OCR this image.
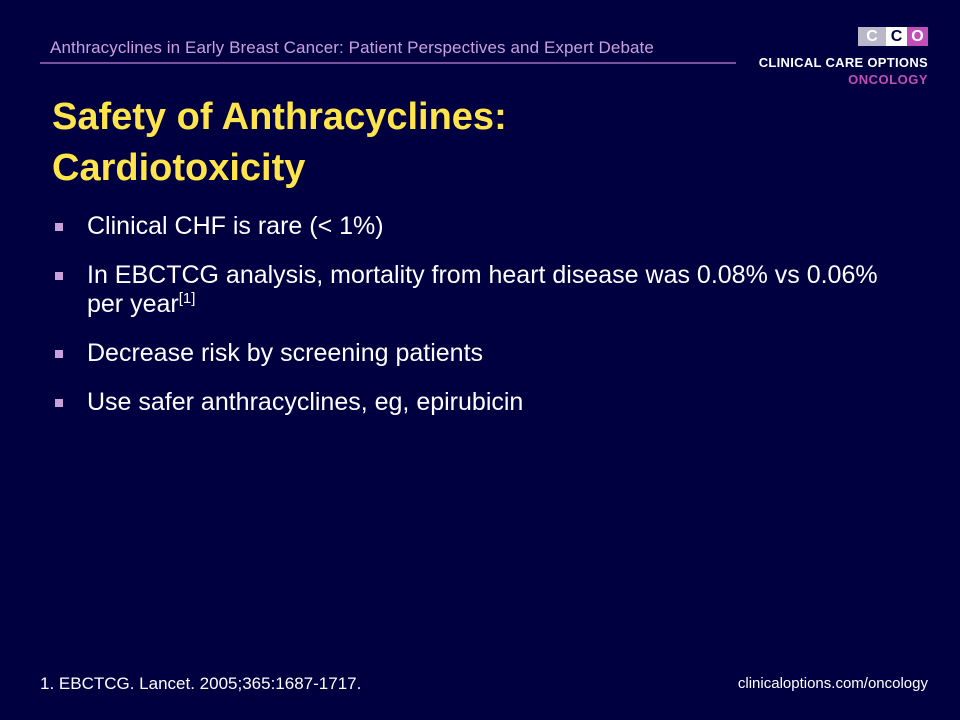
Anthracyclines in Early Breast Cancer: Patient Perspectives and Expert Debate
C C O
CLINICAL CARE OPTIONS
ONCOLOGY
Safety of Anthracyclines:
Cardiotoxicity
Clinical CHF is rare (< 1%)
In EBCTCG analysis, mortality from heart disease was 0.08% vs 0.06% per year[1]
Decrease risk by screening patients
Use safer anthracyclines, eg, epirubicin
1. EBCTCG. Lancet. 2005;365:1687-1717.	clinicaloptions.com/oncology
